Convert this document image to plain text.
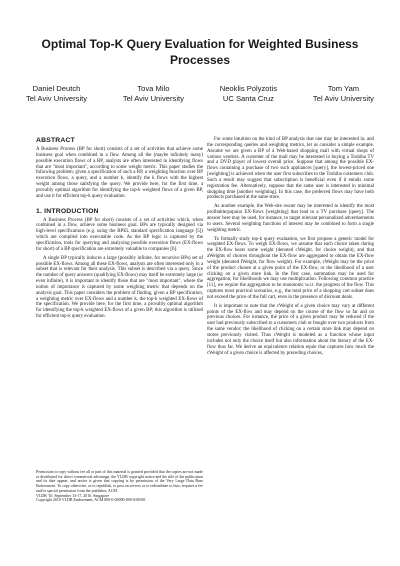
Optimal Top-K Query Evaluation for Weighted Business Processes
Daniel Deutch
Tel Aviv University
Tova Milo
Tel Aviv University
Neoklis Polyzotis
UC Santa Cruz
Tom Yam
Tel Aviv University
ABSTRACT

A Business Process (BP for short) consists of a set of activities that achieve some business goal when combined in a flow. Among all the (maybe infinitely many) possible execution flows of a BP, analysts are often interested in identifying flows that are "most important", according to some weight metric. This paper studies the following problem: given a specification of such a BP, a weighting function over BP execution flows, a query, and a number k, identify the k flows with the highest weight among those satisfying the query. We provide here, for the first time, a provably optimal algorithm for identifying the top-k weighted flows of a given BP, and use it for efficient top-k query evaluation.

1. INTRODUCTION

A Business Process (BP for short) consists of a set of activities which, when combined in a flow, achieve some business goal. BPs are typically designed via high-level specifications (e.g. using the BPEL standard specification language [5]) which are compiled into executable code. As the BP logic is captured by the specification, tools for querying and analyzing possible execution flows (EX-flows for short) of a BP specification are extremely valuable to companies [6].

A single BP typically induces a large (possibly infinite, for recursive BPs) set of possible EX-flows. Among all these EX-flows, analysts are often interested only in a subset that is relevant for their analysis. This subset is described via a query. Since the number of query answers (qualifying EX-flows) may itself be extremely large (or even infinite), it is important to identify those that are "most important", where the notion of importance is captured by some weighing metric that depends on the analysis goal. This paper considers the problem of finding, given a BP specification, a weighting metric over EX-flows and a number k, the top-k weighted EX-flows of the specification. We provide here, for the first time, a provably optimal algorithm for identifying the top-k weighted EX-flows of a given BP; this algorithm is utilized for efficient top-k query evaluation.

Permission to copy without fee all or part of this material is granted provided that the copies are not made or distributed for direct commercial advantage, the VLDB copyright notice and the title of the publication and its date appear, and notice is given that copying is by permission of the Very Large Data Base Endowment. To copy otherwise, or to republish, to post on servers or to redistribute to lists, requires a fee and/or special permission from the publisher, ACM.

VLDB '10, September 13-17, 2010, Singapore

Copyright 2010 VLDB Endowment, ACM 000-0-00000-000-0/00/00.

For some intuition on the kind of BP analysis that one may be interested in, and the corresponding queries and weighting metrics, let us consider a simple example. Assume we are given a BP of a Web-based shopping mall with virtual shops of various vendors. A customer of the mall may be interested in buying a Toshiba TV and a DVD player of lowest overall price. Suppose that among the possible EX-flows containing a purchase of two such appliances [query], the lowest-priced one [weighting] is achieved when the user first subscribes to the Toshiba customers club. Such a result may suggest that subscription is beneficial even if it entails some registration fee. Alternatively, suppose that the same user is interested in minimal shopping time [another weighting]. In this case, the preferred flows may have both products purchased at the same store.

As another example, the Web-site owner may be interested to identify the most profitable/popular EX-flows [weighting] that lead to a TV purchase [query]. The answer here may be used, for instance, to target relevant personalized advertisements to users. Several weighting functions of interest may be combined to form a single weighting metric.

To formally study top-k query evaluation, we first propose a generic model for weighted EX-flows. To weigh EX-flows, we assume that each choice taken during the EX-flow bears some weight (denoted cWeight, for choice weight), and that aWeights of choices throughout the EX-flow are aggregated to obtain the EX-flow weight (denoted fWeight, for flow weight). For example, cWeight may be the price of the product chosen at a given point of the EX-flow, or the likelihood of a user clicking on a given store link. In the first case, summation may be used for aggregation; for likelihoods we may use multiplication. Following common practice [11], we require the aggregation to be monotonic w.r.t. the progress of the flow. This captures most practical scenarios, e.g., the total price of a shopping cart subset does not exceed the price of the full cart, even in the presence of discount deals.

It is important to note that the cWeight of a given choice may vary at different points of the EX-flow and may depend on the course of the flow so far and on previous choices. For instance, the price of a given product may be reduced if the user had previously subscribed to a customers club or bought over two products from the same vendor; the likelihood of clicking on a certain store link may depend on stores previously visited. Thus cWeight is modeled as a function whose input includes not only the choice itself but also information about the history of the EX-flow thus far. We derive an equivalence relation equie that captures how much the cWeight of a given choice is affected by preceding choices,
